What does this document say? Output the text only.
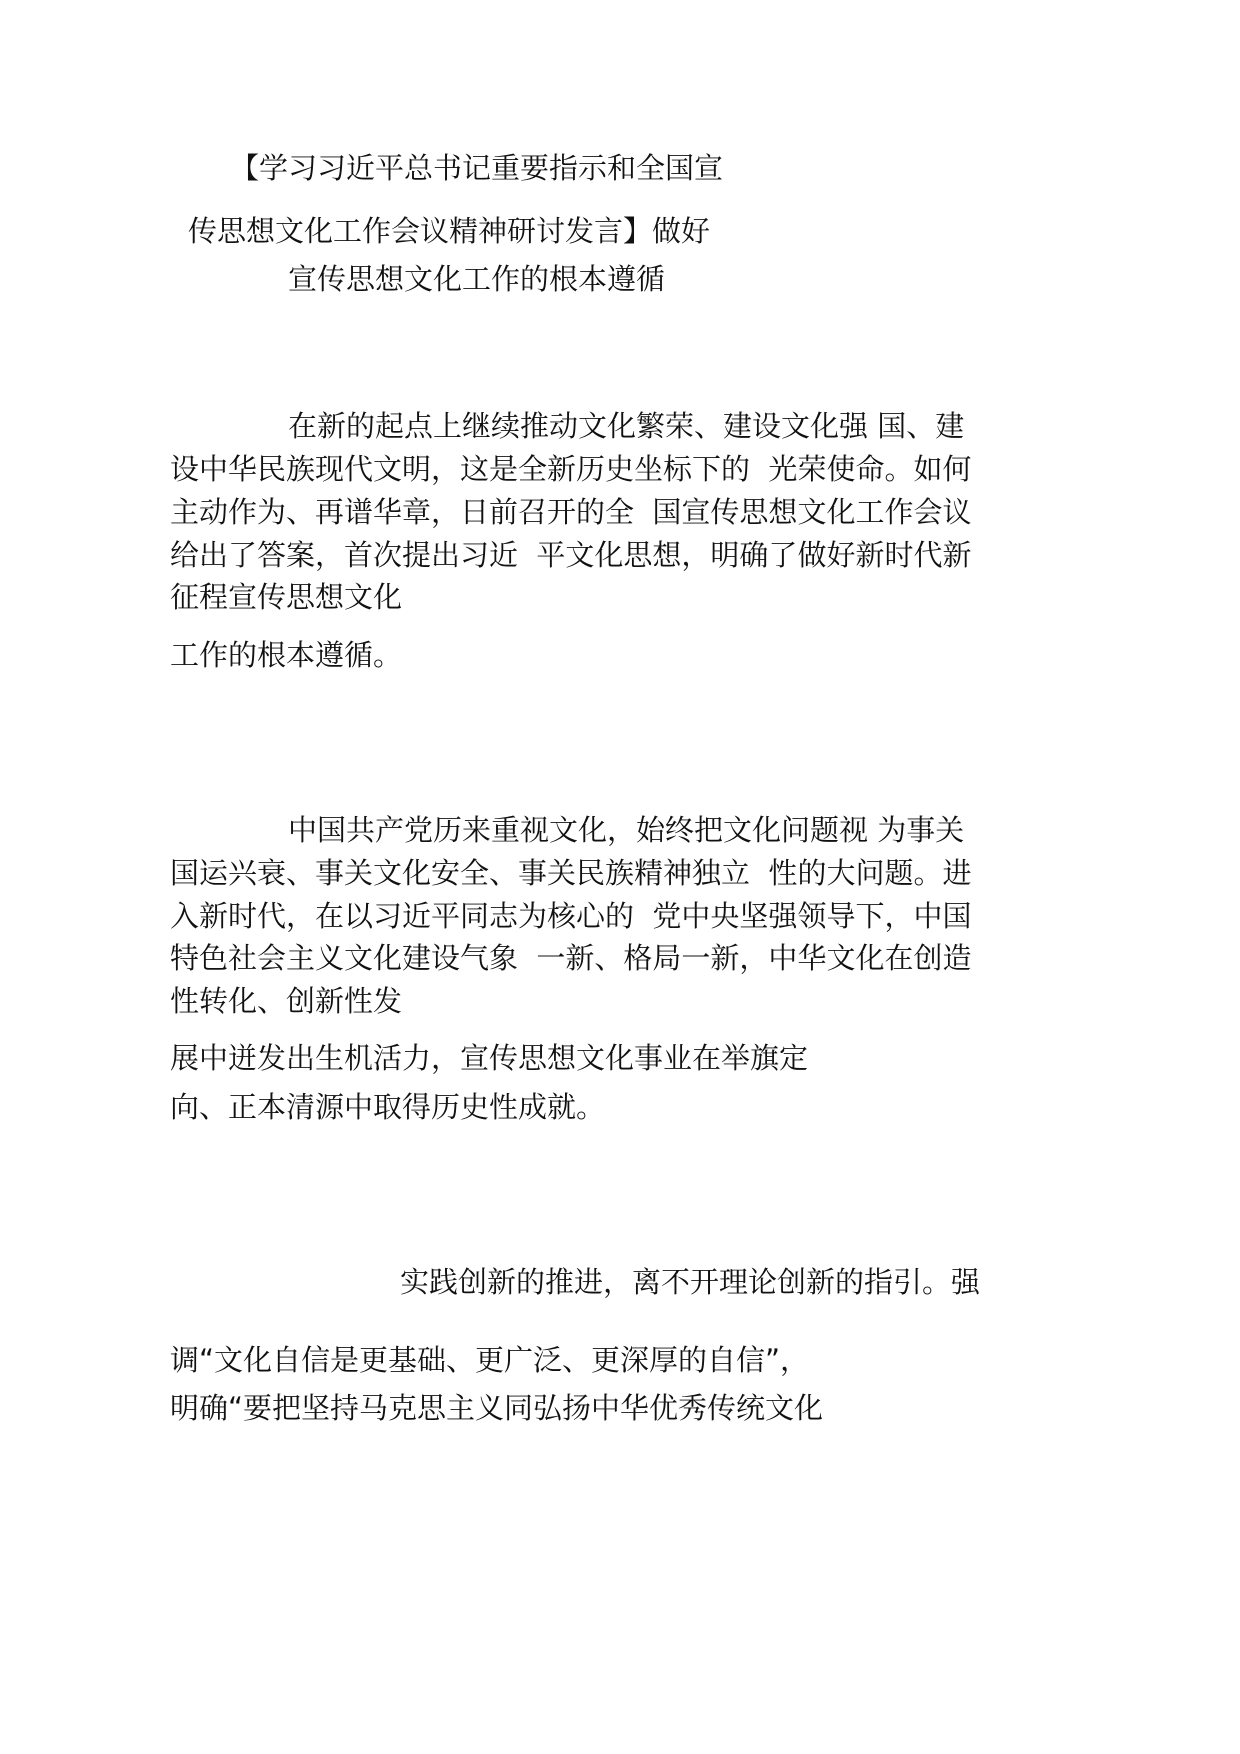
【学习习近平总书记重要指示和全国宣

传思想文化工作会议精神研讨发言】做好

宣传思想文化工作的根本遵循

在新的起点上继续推动文化繁荣、建设文化强 国、建

设中华民族现代文明，这是全新历史坐标下的  光荣使命。如何

主动作为、再谱华章，日前召开的全  国宣传思想文化工作会议

给出了答案，首次提出习近  平文化思想，明确了做好新时代新

征程宣传思想文化

工作的根本遵循。

中国共产党历来重视文化，始终把文化问题视 为事关

国运兴衰、事关文化安全、事关民族精神独立  性的大问题。进

入新时代，在以习近平同志为核心的  党中央坚强领导下，中国

特色社会主义文化建设气象  一新、格局一新，中华文化在创造

性转化、创新性发

展中迸发出生机活力，宣传思想文化事业在举旗定

向、正本清源中取得历史性成就。

实践创新的推进，离不开理论创新的指引。强

调“文化自信是更基础、更广泛、更深厚的自信”，

明确“要把坚持马克思主义同弘扬中华优秀传统文化
